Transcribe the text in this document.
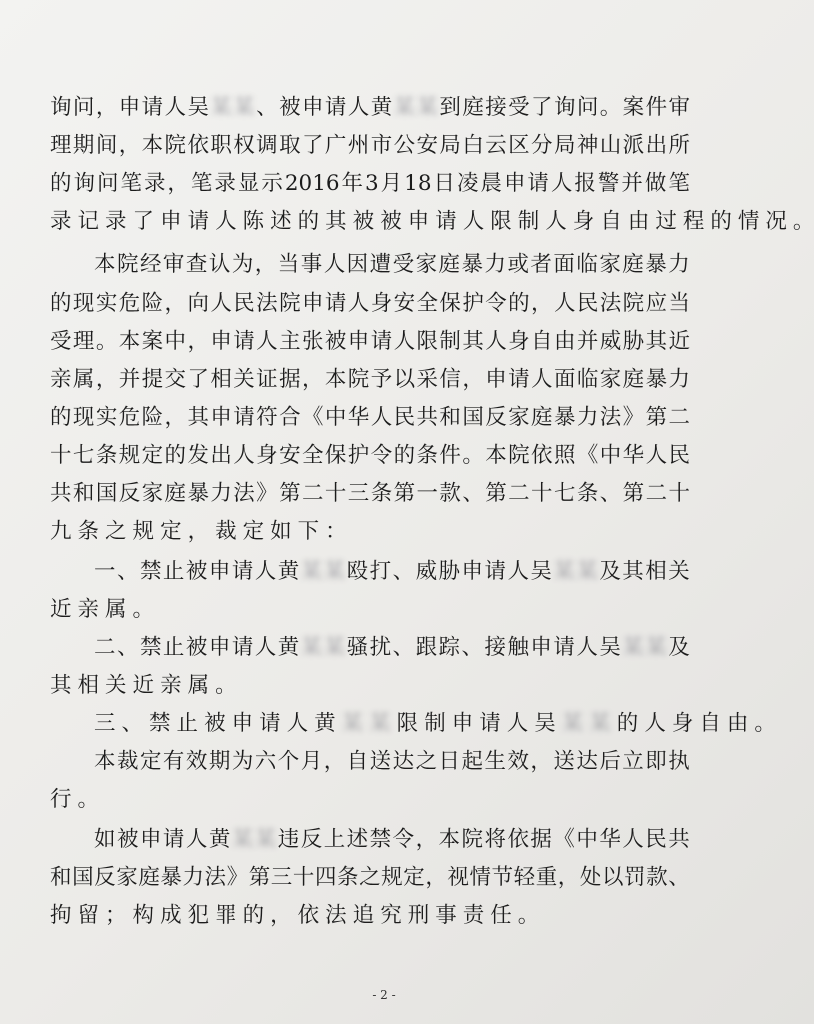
询 问 ， 申 请 人 吴 某 某 、 被 申 请 人 黄 某 某 到 庭 接 受 了 询 问 。 案 件 审
理 期 间 ， 本 院 依 职 权 调 取 了 广 州 市 公 安 局 白 云 区 分 局 神 山 派 出 所
的 询 问 笔 录 ， 笔 录 显 示 2016 年 3 月 18 日 凌 晨 申 请 人 报 警 并 做 笔
录 记 录 了 申 请 人 陈 述 的 其 被 被 申 请 人 限 制 人 身 自 由 过 程 的 情 况 。
本 院 经 审 查 认 为 ， 当 事 人 因 遭 受 家 庭 暴 力 或 者 面 临 家 庭 暴 力
的 现 实 危 险 ， 向 人 民 法 院 申 请 人 身 安 全 保 护 令 的 ， 人 民 法 院 应 当
受 理 。 本 案 中 ， 申 请 人 主 张 被 申 请 人 限 制 其 人 身 自 由 并 威 胁 其 近
亲 属 ， 并 提 交 了 相 关 证 据 ， 本 院 予 以 采 信 ， 申 请 人 面 临 家 庭 暴 力
的 现 实 危 险 ， 其 申 请 符 合 《 中 华 人 民 共 和 国 反 家 庭 暴 力 法 》 第 二
十 七 条 规 定 的 发 出 人 身 安 全 保 护 令 的 条 件 。 本 院 依 照 《 中 华 人 民
共 和 国 反 家 庭 暴 力 法 》 第 二 十 三 条 第 一 款 、 第 二 十 七 条 、 第 二 十
九 条 之 规 定 ， 裁 定 如 下 ：
一 、 禁 止 被 申 请 人 黄 某 某 殴 打 、 威 胁 申 请 人 吴 某 某 及 其 相 关
近 亲 属 。
二 、 禁 止 被 申 请 人 黄 某 某 骚 扰 、 跟 踪 、 接 触 申 请 人 吴 某 某 及
其 相 关 近 亲 属 。
三 、 禁 止 被 申 请 人 黄 某 某 限 制 申 请 人 吴 某 某 的 人 身 自 由 。
本 裁 定 有 效 期 为 六 个 月 ， 自 送 达 之 日 起 生 效 ， 送 达 后 立 即 执
行 。
如 被 申 请 人 黄 某 某 违 反 上 述 禁 令 ， 本 院 将 依 据 《 中 华 人 民 共
和 国 反 家 庭 暴 力 法 》 第 三 十 四 条 之 规 定 ， 视 情 节 轻 重 ， 处 以 罚 款 、
拘 留 ； 构 成 犯 罪 的 ， 依 法 追 究 刑 事 责 任 。
- 2 -
